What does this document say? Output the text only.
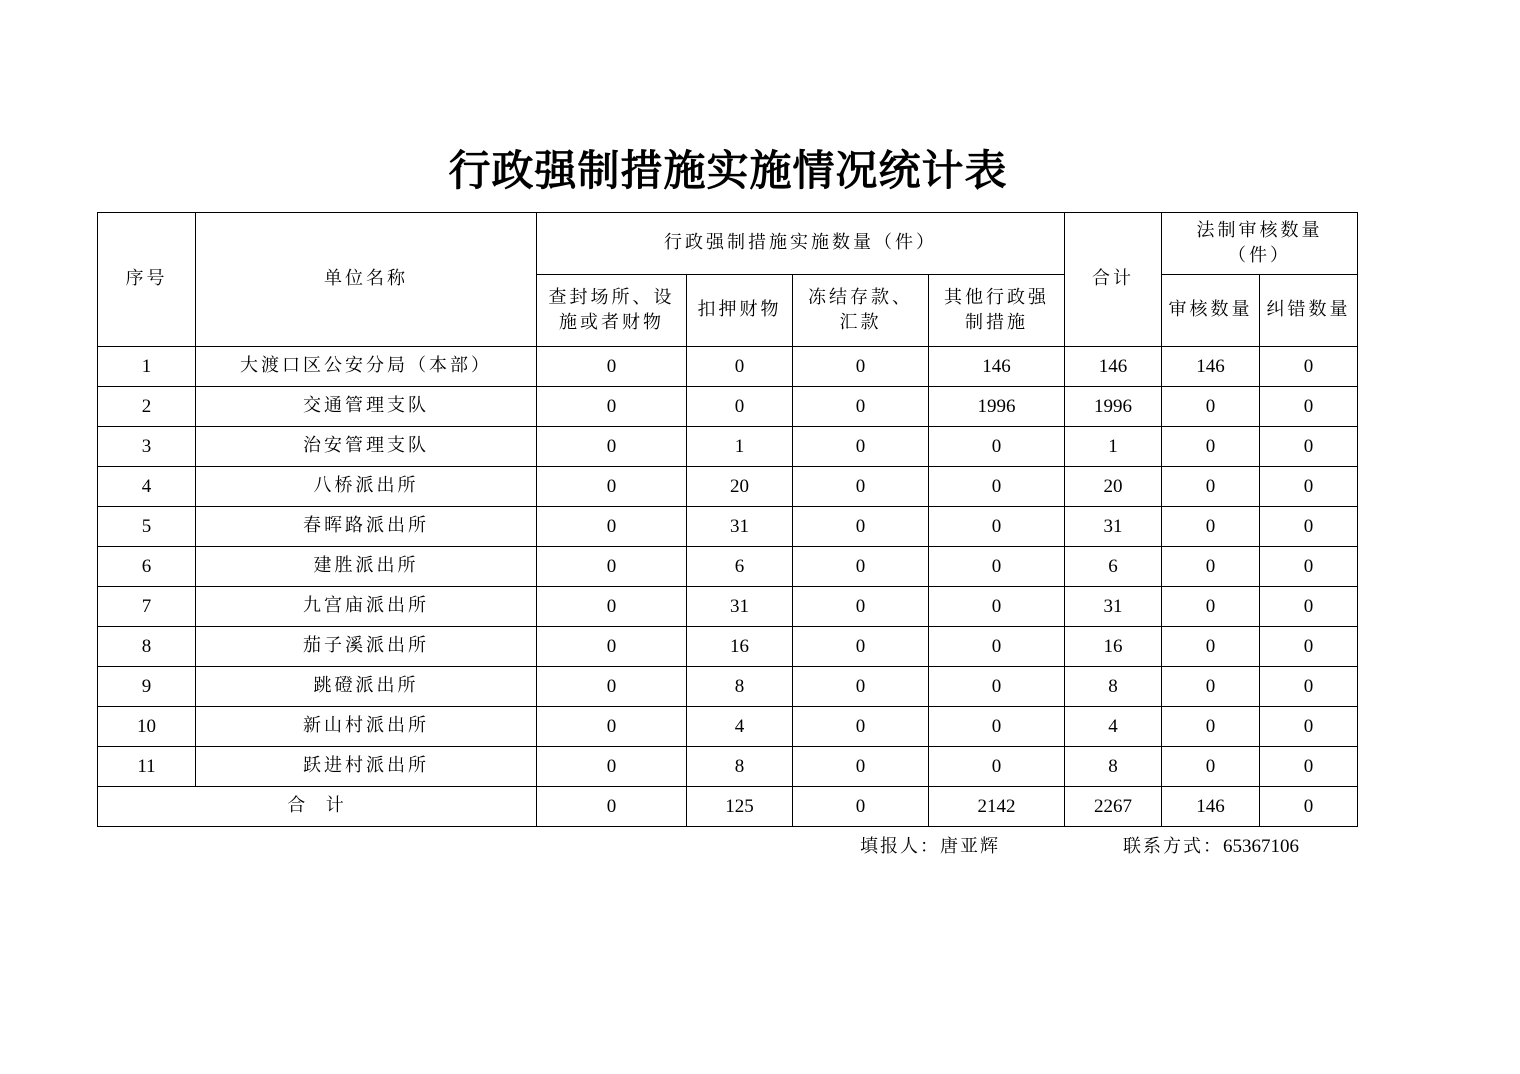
行政强制措施实施情况统计表
序号	单位名称	行政强制措施实施数量（件）				合计	法制审核数量（件）	
		查封场所、设施或者财物	扣押财物	冻结存款、汇款	其他行政强制措施		审核数量	纠错数量
1	大渡口区公安分局（本部）	0	0	0	146	146	146	0
2	交通管理支队	0	0	0	1996	1996	0	0
3	治安管理支队	0	1	0	0	1	0	0
4	八桥派出所	0	20	0	0	20	0	0
5	春晖路派出所	0	31	0	0	31	0	0
6	建胜派出所	0	6	0	0	6	0	0
7	九宫庙派出所	0	31	0	0	31	0	0
8	茄子溪派出所	0	16	0	0	16	0	0
9	跳磴派出所	0	8	0	0	8	0	0
10	新山村派出所	0	4	0	0	4	0	0
11	跃进村派出所	0	8	0	0	8	0	0
合  计		0	125	0	2142	2267	146	0
填报人：唐亚辉	联系方式：65367106
